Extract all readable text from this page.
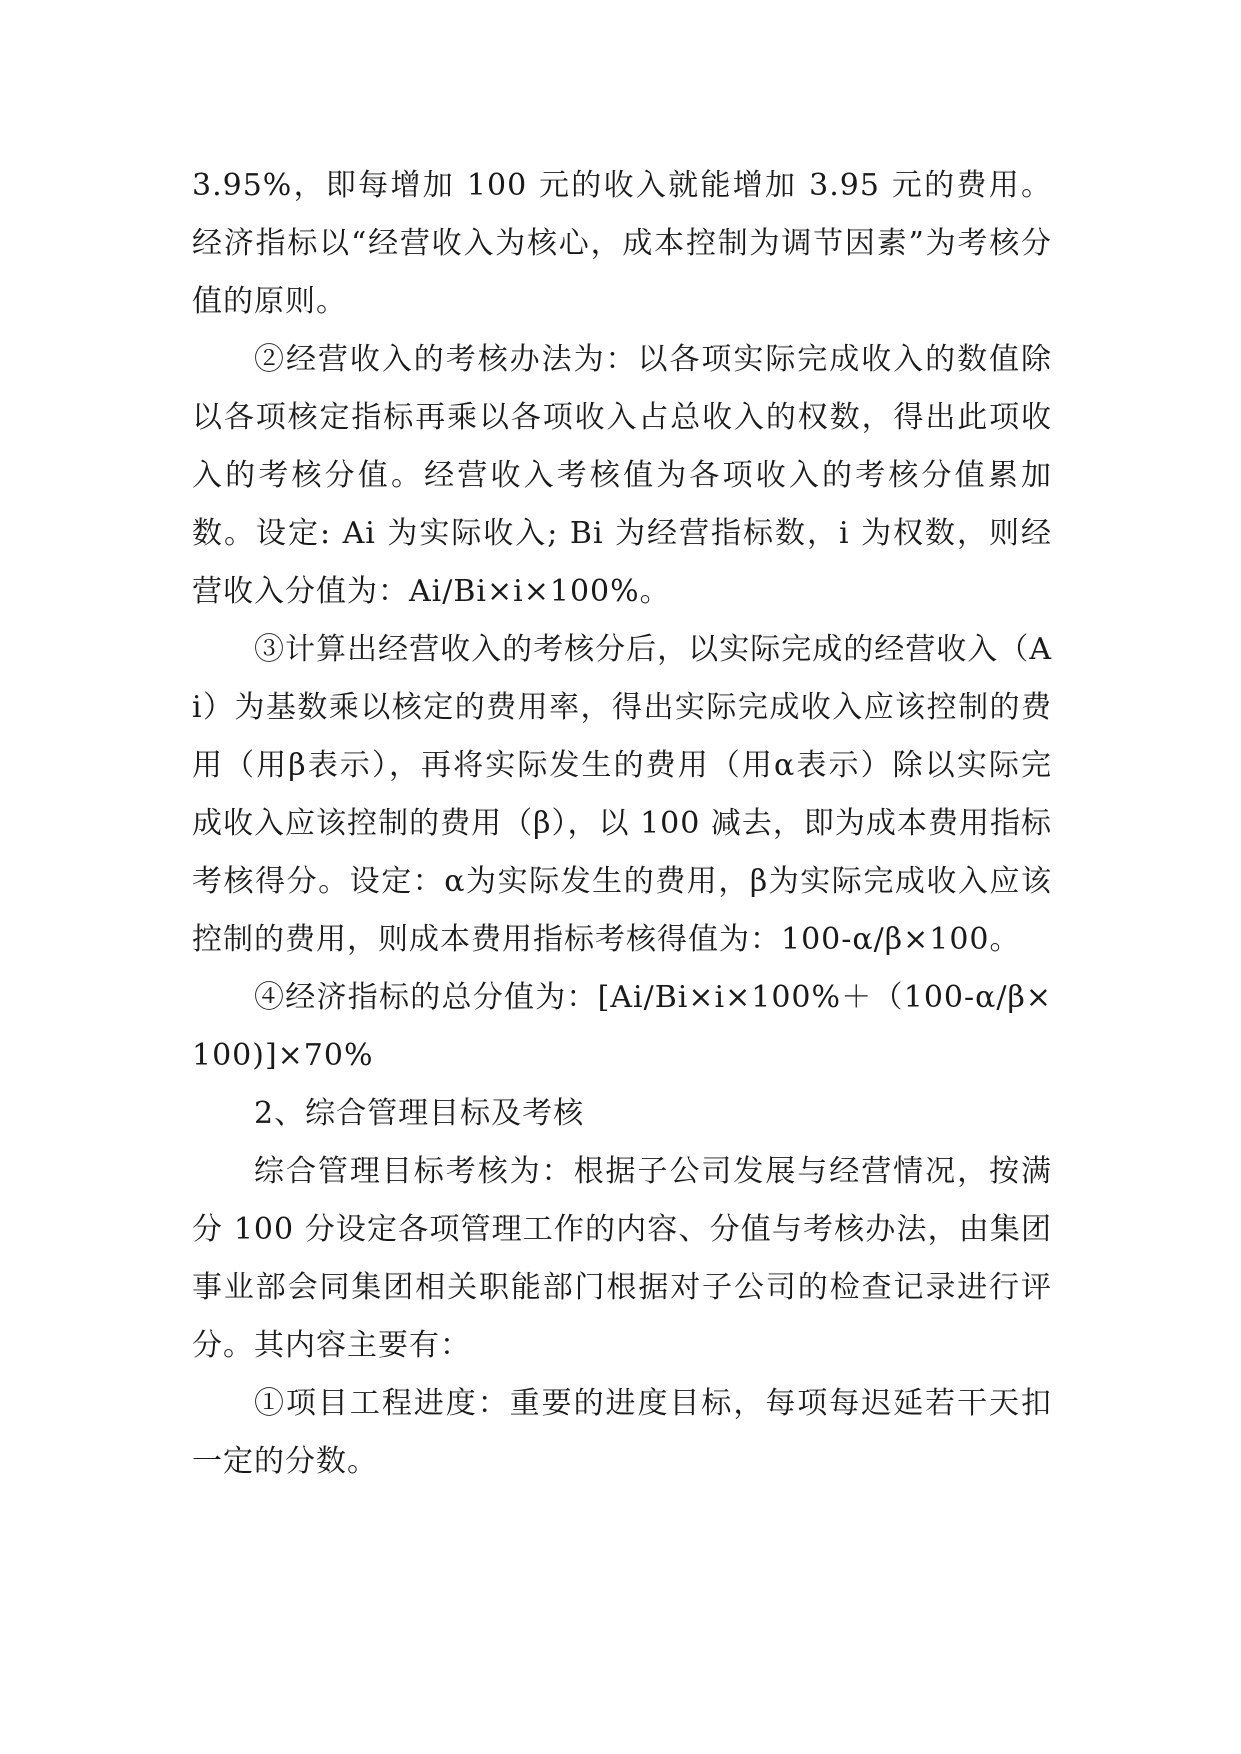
3.95%，即每增加 100 元的收入就能增加 3.95 元的费用。经济指标以“经营收入为核心，成本控制为调节因素”为考核分值的原则。

②经营收入的考核办法为：以各项实际完成收入的数值除以各项核定指标再乘以各项收入占总收入的权数，得出此项收入的考核分值。经营收入考核值为各项收入的考核分值累加数。设定: Ai 为实际收入; Bi 为经营指标数，i 为权数，则经营收入分值为：Ai/Bi×i×100%。

③计算出经营收入的考核分后，以实际完成的经营收入（Ai）为基数乘以核定的费用率，得出实际完成收入应该控制的费用（用β表示），再将实际发生的费用（用α表示）除以实际完成收入应该控制的费用（β），以 100 减去，即为成本费用指标考核得分。设定：α为实际发生的费用，β为实际完成收入应该控制的费用，则成本费用指标考核得值为：100-α/β×100。

④经济指标的总分值为：[Ai/Bi×i×100%＋（100-α/β×100)]×70%

2、综合管理目标及考核

综合管理目标考核为：根据子公司发展与经营情况，按满分 100 分设定各项管理工作的内容、分值与考核办法，由集团事业部会同集团相关职能部门根据对子公司的检查记录进行评分。其内容主要有：

①项目工程进度：重要的进度目标，每项每迟延若干天扣一定的分数。
